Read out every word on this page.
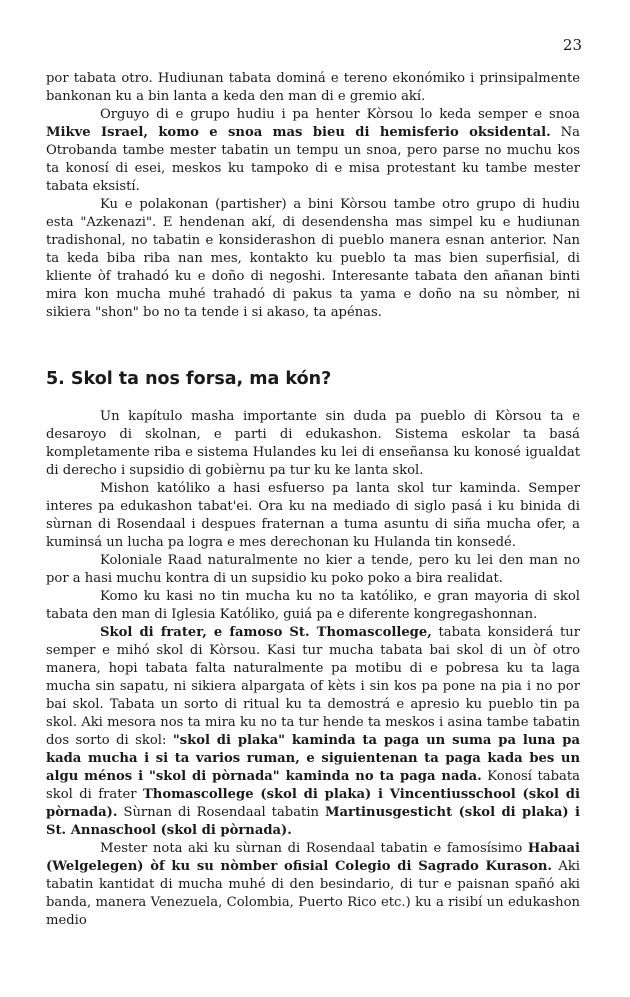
23

por tabata otro. Hudiunan tabata dominá e tereno ekonómiko i prinsipalmente bankonan ku a bin lanta a keda den man di e gremio akí.

Orguyo di e grupo hudiu i pa henter Kòrsou lo keda semper e snoa Mikve Israel, komo e snoa mas bieu di hemisferio oksidental. Na Otrobanda tambe mester tabatin un tempu un snoa, pero parse no muchu kos ta konosí di esei, meskos ku tampoko di e misa protestant ku tambe mester tabata eksistí.

Ku e polakonan (partisher) a bini Kòrsou tambe otro grupo di hudiu esta "Azkenazi". E hendenan akí, di desendensha mas simpel ku e hudiunan tradishonal, no tabatin e konsiderashon di pueblo manera esnan anterior. Nan ta keda biba riba nan mes, kontakto ku pueblo ta mas bien superfisial, di kliente òf trahadó ku e doño di negoshi. Interesante tabata den añanan binti mira kon mucha muhé trahadó di pakus ta yama e doño na su nòmber, ni sikiera "shon" bo no ta tende i si akaso, ta apénas.

5. Skol ta nos forsa, ma kón?

Un kapítulo masha importante sin duda pa pueblo di Kòrsou ta e desaroyo di skolnan, e parti di edukashon. Sistema eskolar ta basá kompletamente riba e sistema Hulandes ku lei di enseñansa ku konosé igualdat di derecho i supsidio di gobièrnu pa tur ku ke lanta skol.

Mishon katóliko a hasi esfuerso pa lanta skol tur kaminda. Semper interes pa edukashon tabat'ei. Ora ku na mediado di siglo pasá i ku binida di sùrnan di Rosendaal i despues fraternan a tuma asuntu di siña mucha ofer, a kuminsá un lucha pa logra e mes derechonan ku Hulanda tin konsedé.

Koloniale Raad naturalmente no kier a tende, pero ku lei den man no por a hasi muchu kontra di un supsidio ku poko poko a bira realidat.

Komo ku kasi no tin mucha ku no ta katóliko, e gran mayoria di skol tabata den man di Iglesia Katóliko, guiá pa e diferente kongregashonnan.

Skol di frater, e famoso St. Thomascollege, tabata konsiderá tur semper e mihó skol di Kòrsou. Kasi tur mucha tabata bai skol di un òf otro manera, hopi tabata falta naturalmente pa motibu di e pobresa ku ta laga mucha sin sapatu, ni sikiera alpargata of kèts i sin kos pa pone na pia i no por bai skol. Tabata un sorto di ritual ku ta demostrá e apresio ku pueblo tin pa skol. Aki mesora nos ta mira ku no ta tur hende ta meskos i asina tambe tabatin dos sorto di skol: "skol di plaka" kaminda ta paga un suma pa luna pa kada mucha i si ta varios ruman, e siguientenan ta paga kada bes un algu ménos i "skol di pòrnada" kaminda no ta paga nada. Konosí tabata skol di frater Thomascollege (skol di plaka) i Vincentiusschool (skol di pòrnada). Sùrnan di Rosendaal tabatin Martinusgesticht (skol di plaka) i St. Annaschool (skol di pòrnada).

Mester nota aki ku sùrnan di Rosendaal tabatin e famosísimo Habaai (Welgelegen) òf ku su nòmber ofisial Colegio di Sagrado Kurason. Aki tabatin kantidat di mucha muhé di den besindario, di tur e paisnan spañó aki banda, manera Venezuela, Colombia, Puerto Rico etc.) ku a risibí un edukashon medio
